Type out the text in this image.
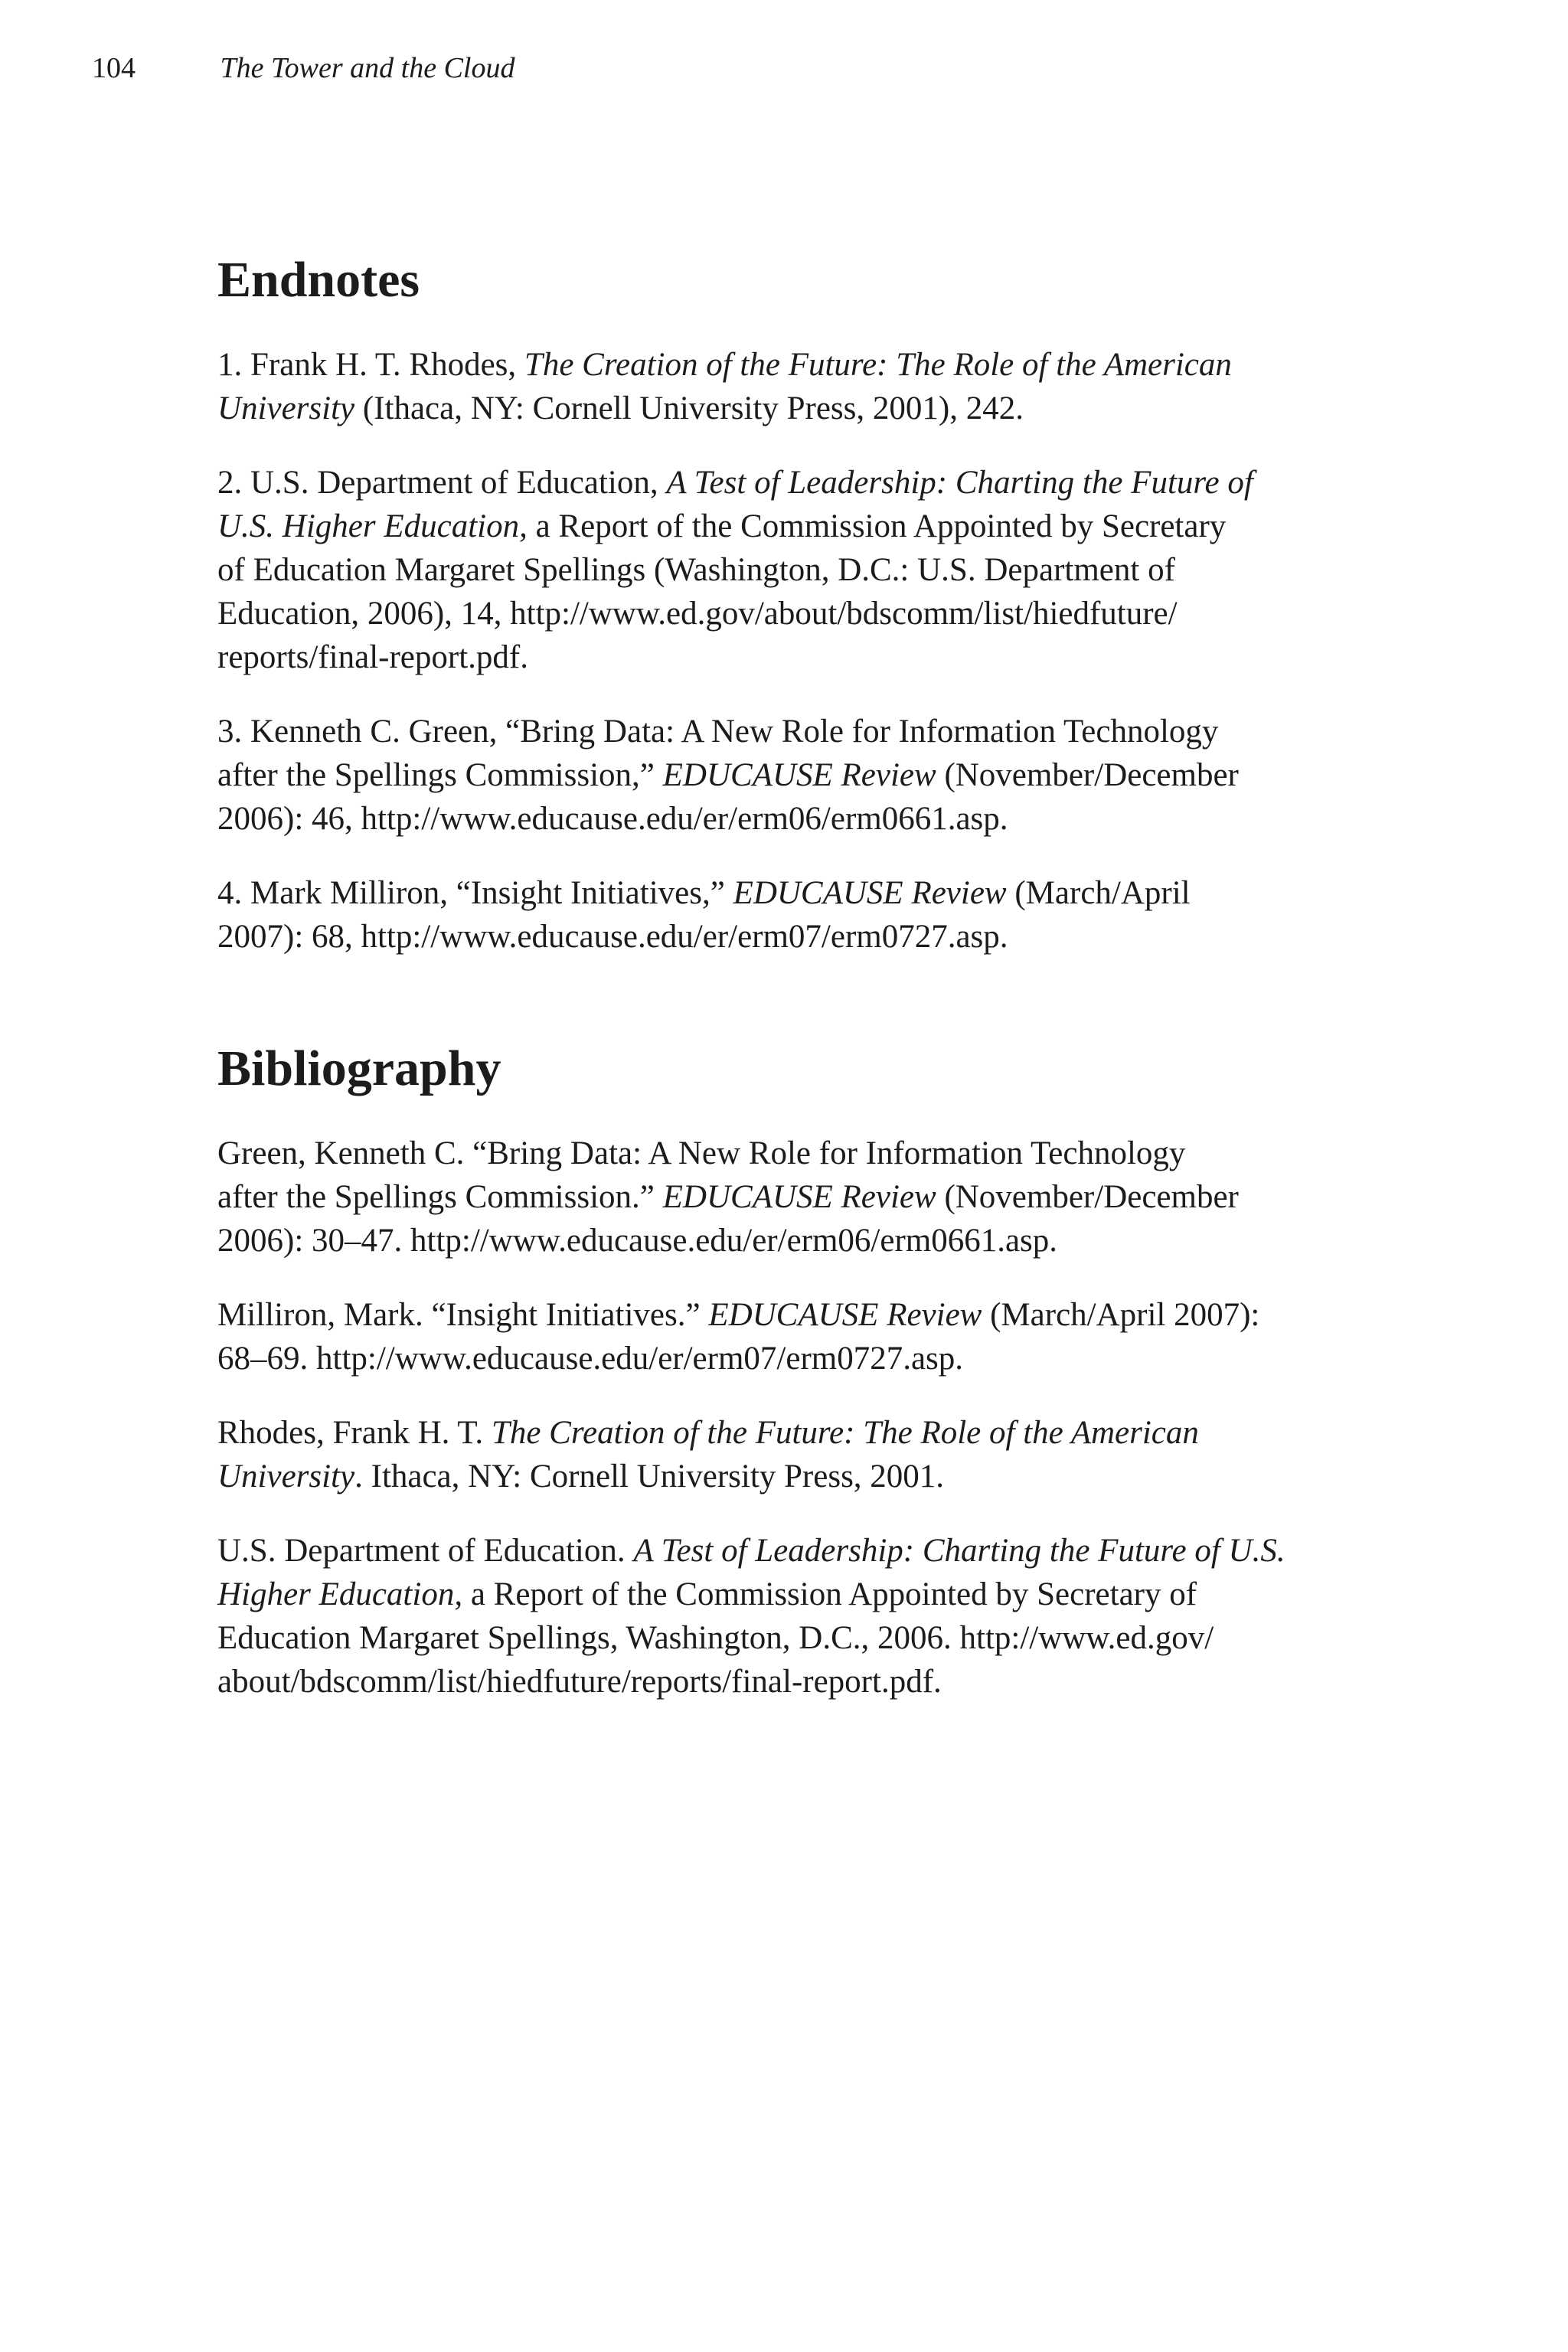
104	The Tower and the Cloud
Endnotes

1. Frank H. T. Rhodes, The Creation of the Future: The Role of the American
University (Ithaca, NY: Cornell University Press, 2001), 242.

2. U.S. Department of Education, A Test of Leadership: Charting the Future of
U.S. Higher Education, a Report of the Commission Appointed by Secretary
of Education Margaret Spellings (Washington, D.C.: U.S. Department of
Education, 2006), 14, http://www.ed.gov/about/bdscomm/list/hiedfuture/
reports/final-report.pdf.

3. Kenneth C. Green, “Bring Data: A New Role for Information Technology
after the Spellings Commission,” EDUCAUSE Review (November/December
2006): 46, http://www.educause.edu/er/erm06/erm0661.asp.

4. Mark Milliron, “Insight Initiatives,” EDUCAUSE Review (March/April
2007): 68, http://www.educause.edu/er/erm07/erm0727.asp.

Bibliography

Green, Kenneth C. “Bring Data: A New Role for Information Technology
after the Spellings Commission.” EDUCAUSE Review (November/December
2006): 30–47. http://www.educause.edu/er/erm06/erm0661.asp.

Milliron, Mark. “Insight Initiatives.” EDUCAUSE Review (March/April 2007):
68–69. http://www.educause.edu/er/erm07/erm0727.asp.

Rhodes, Frank H. T. The Creation of the Future: The Role of the American
University. Ithaca, NY: Cornell University Press, 2001.

U.S. Department of Education. A Test of Leadership: Charting the Future of U.S.
Higher Education, a Report of the Commission Appointed by Secretary of
Education Margaret Spellings, Washington, D.C., 2006. http://www.ed.gov/
about/bdscomm/list/hiedfuture/reports/final-report.pdf.
